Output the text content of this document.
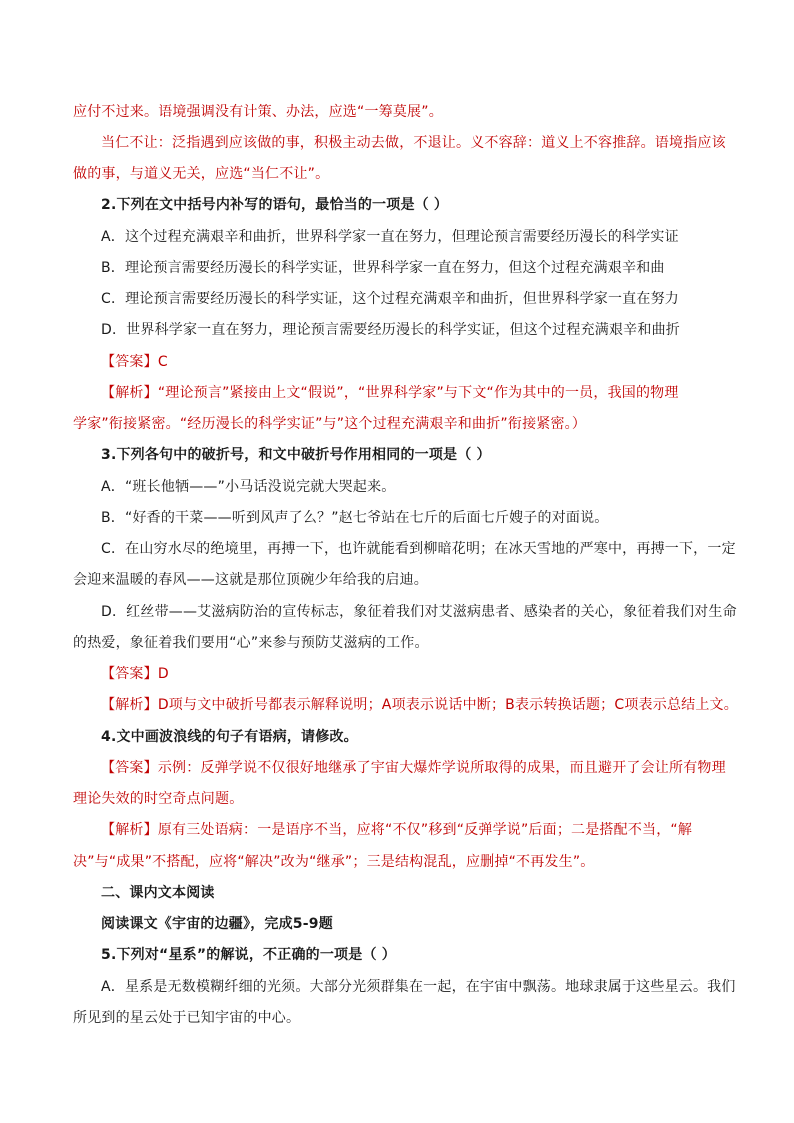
应付不过来。语境强调没有计策、办法，应选“一筹莫展”。
当仁不让：泛指遇到应该做的事，积极主动去做，不退让。义不容辞：道义上不容推辞。语境指应该
做的事，与道义无关，应选“当仁不让”。
2.下列在文中括号内补写的语句，最恰当的一项是（ ）
A．这个过程充满艰辛和曲折，世界科学家一直在努力，但理论预言需要经历漫长的科学实证
B．理论预言需要经历漫长的科学实证，世界科学家一直在努力，但这个过程充满艰辛和曲
C．理论预言需要经历漫长的科学实证，这个过程充满艰辛和曲折，但世界科学家一直在努力
D．世界科学家一直在努力，理论预言需要经历漫长的科学实证，但这个过程充满艰辛和曲折
【答案】C
【解析】“理论预言”紧接由上文“假说”，“世界科学家”与下文“作为其中的一员，我国的物理
学家”衔接紧密。“经历漫长的科学实证”与”这个过程充满艰辛和曲折”衔接紧密。）
3.下列各句中的破折号，和文中破折号作用相同的一项是（ ）
A．“班长他牺——”小马话没说完就大哭起来。
B．“好香的干菜——听到风声了么？”赵七爷站在七斤的后面七斤嫂子的对面说。
C．在山穷水尽的绝境里，再搏一下，也许就能看到柳暗花明；在冰天雪地的严寒中，再搏一下，一定
会迎来温暖的春风——这就是那位顶碗少年给我的启迪。
D．红丝带——艾滋病防治的宣传标志，象征着我们对艾滋病患者、感染者的关心，象征着我们对生命
的热爱，象征着我们要用“心”来参与预防艾滋病的工作。
【答案】D
【解析】D项与文中破折号都表示解释说明；A项表示说话中断；B表示转换话题；C项表示总结上文。
4.文中画波浪线的句子有语病，请修改。
【答案】示例：反弹学说不仅很好地继承了宇宙大爆炸学说所取得的成果，而且避开了会让所有物理
理论失效的时空奇点问题。
【解析】原有三处语病：一是语序不当，应将“不仅”移到“反弹学说”后面；二是搭配不当，“解
决”与“成果”不搭配，应将“解决”改为“继承”；三是结构混乱，应删掉“不再发生”。
二、课内文本阅读
阅读课文《宇宙的边疆》，完成5-9题
5.下列对“星系”的解说，不正确的一项是（ ）
A．星系是无数模糊纤细的光须。大部分光须群集在一起，在宇宙中飘荡。地球隶属于这些星云。我们
所见到的星云处于已知宇宙的中心。
